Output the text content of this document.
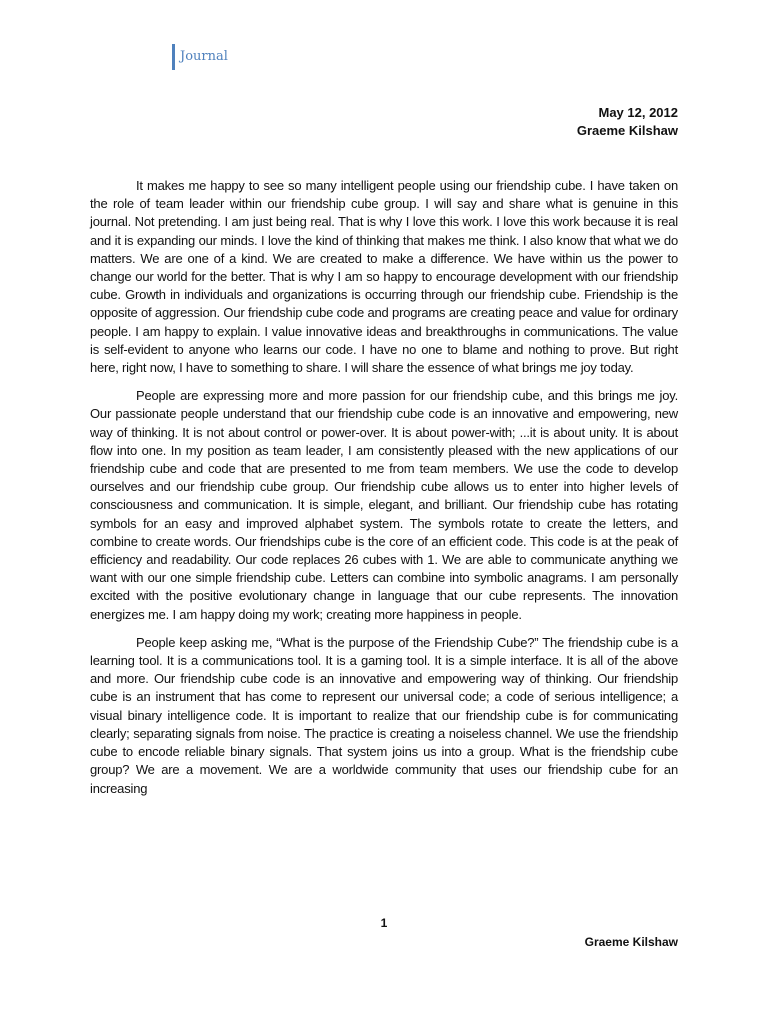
Journal
May 12, 2012
Graeme Kilshaw

It makes me happy to see so many intelligent people using our friendship cube. I have taken on the role of team leader within our friendship cube group. I will say and share what is genuine in this journal. Not pretending. I am just being real. That is why I love this work. I love this work because it is real and it is expanding our minds. I love the kind of thinking that makes me think. I also know that what we do matters. We are one of a kind. We are created to make a difference. We have within us the power to change our world for the better. That is why I am so happy to encourage development with our friendship cube. Growth in individuals and organizations is occurring through our friendship cube. Friendship is the opposite of aggression. Our friendship cube code and programs are creating peace and value for ordinary people. I am happy to explain. I value innovative ideas and breakthroughs in communications. The value is self-evident to anyone who learns our code. I have no one to blame and nothing to prove. But right here, right now, I have to something to share. I will share the essence of what brings me joy today.

People are expressing more and more passion for our friendship cube, and this brings me joy. Our passionate people understand that our friendship cube code is an innovative and empowering, new way of thinking. It is not about control or power-over. It is about power-with; ...it is about unity. It is about flow into one. In my position as team leader, I am consistently pleased with the new applications of our friendship cube and code that are presented to me from team members. We use the code to develop ourselves and our friendship cube group. Our friendship cube allows us to enter into higher levels of consciousness and communication. It is simple, elegant, and brilliant. Our friendship cube has rotating symbols for an easy and improved alphabet system. The symbols rotate to create the letters, and combine to create words. Our friendships cube is the core of an efficient code. This code is at the peak of efficiency and readability. Our code replaces 26 cubes with 1. We are able to communicate anything we want with our one simple friendship cube. Letters can combine into symbolic anagrams. I am personally excited with the positive evolutionary change in language that our cube represents. The innovation energizes me. I am happy doing my work; creating more happiness in people.

People keep asking me, “What is the purpose of the Friendship Cube?” The friendship cube is a learning tool. It is a communications tool. It is a gaming tool. It is a simple interface. It is all of the above and more. Our friendship cube code is an innovative and empowering way of thinking. Our friendship cube is an instrument that has come to represent our universal code; a code of serious intelligence; a visual binary intelligence code. It is important to realize that our friendship cube is for communicating clearly; separating signals from noise. The practice is creating a noiseless channel. We use the friendship cube to encode reliable binary signals. That system joins us into a group. What is the friendship cube group? We are a movement. We are a worldwide community that uses our friendship cube for an increasing

1
Graeme Kilshaw
